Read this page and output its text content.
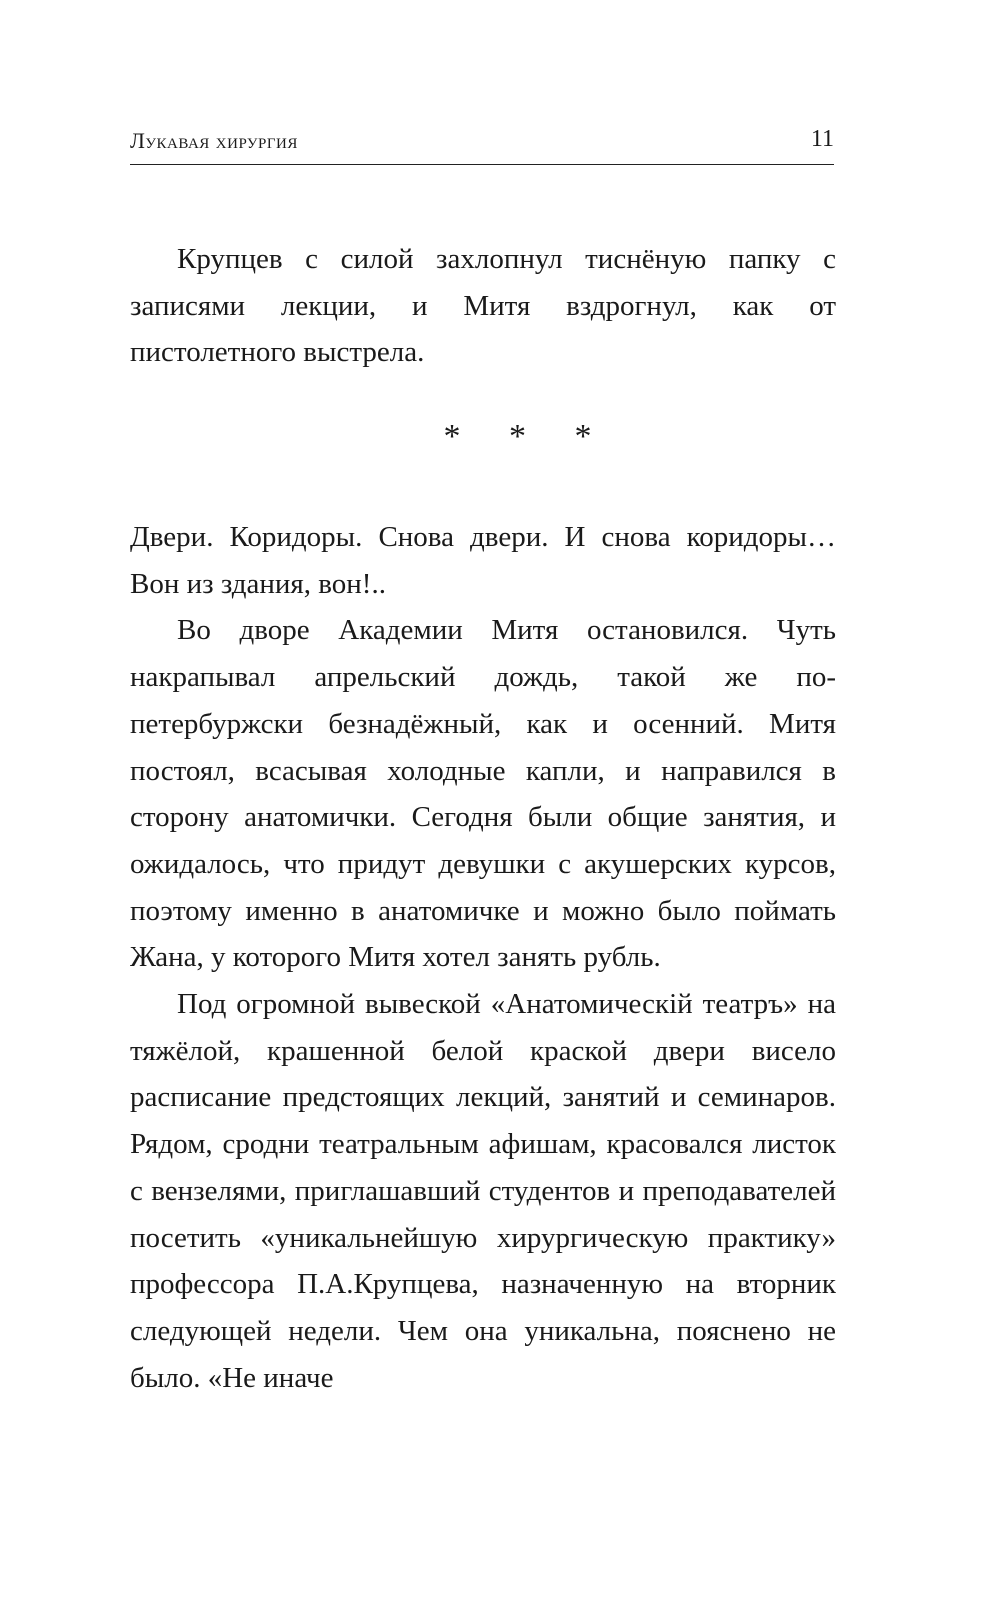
Лукавая хирургия	11

Крупцев с силой захлопнул тиснёную папку с записями лекции, и Митя вздрогнул, как от пистолетного выстрела.

* * *

Двери. Коридоры. Снова двери. И снова коридоры… Вон из здания, вон!..

Во дворе Академии Митя остановился. Чуть накрапывал апрельский дождь, такой же по-петербуржски безнадёжный, как и осенний. Митя постоял, всасывая холодные капли, и направился в сторону анатомички. Сегодня были общие занятия, и ожидалось, что придут девушки с акушерских курсов, поэтому именно в анатомичке и можно было поймать Жана, у которого Митя хотел занять рубль.

Под огромной вывеской «Анатомическій театръ» на тяжёлой, крашенной белой краской двери висело расписание предстоящих лекций, занятий и семинаров. Рядом, сродни театральным афишам, красовался листок с вензелями, приглашавший студентов и преподавателей посетить «уникальнейшую хирургическую практику» профессора П.А.Крупцева, назначенную на вторник следующей недели. Чем она уникальна, пояснено не было. «Не иначе
